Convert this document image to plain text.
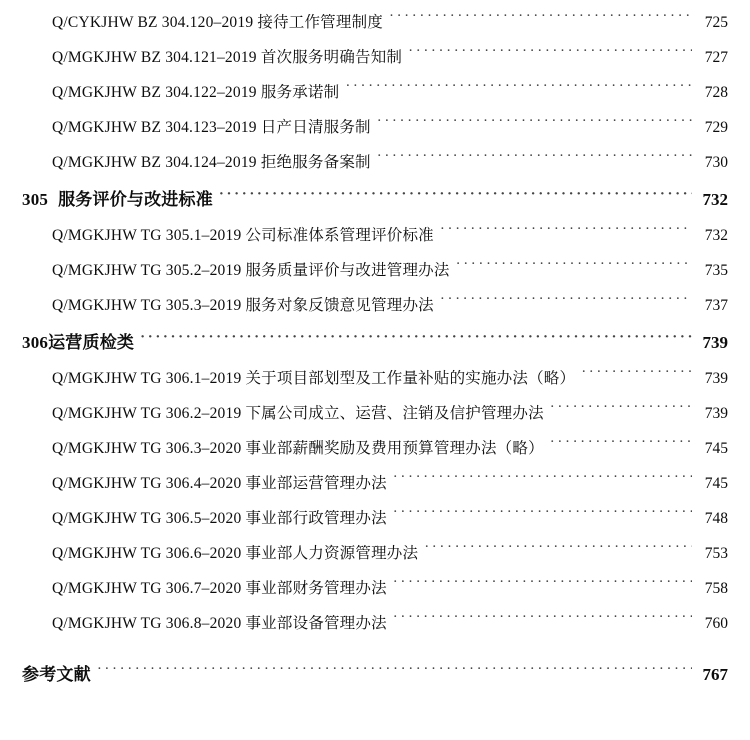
Q/CYKJHW BZ 304.120–2019 接待工作管理制度 ·····	725
Q/MGKJHW BZ 304.121–2019 首次服务明确告知制 ·····	727
Q/MGKJHW BZ 304.122–2019 服务承诺制 ·····	728
Q/MGKJHW BZ 304.123–2019 日产日清服务制 ·····	729
Q/MGKJHW BZ 304.124–2019 拒绝服务备案制 ·····	730
305 服务评价与改进标准 ·····	732
Q/MGKJHW TG 305.1–2019 公司标准体系管理评价标准 ·····	732
Q/MGKJHW TG 305.2–2019 服务质量评价与改进管理办法 ·····	735
Q/MGKJHW TG 305.3–2019 服务对象反馈意见管理办法 ·····	737
306运营质检类 ·····	739
Q/MGKJHW TG 306.1–2019 关于项目部划型及工作量补贴的实施办法（略） ·····	739
Q/MGKJHW TG 306.2–2019 下属公司成立、运营、注销及信护管理办法 ·····	739
Q/MGKJHW TG 306.3–2020 事业部薪酬奖励及费用预算管理办法（略） ·····	745
Q/MGKJHW TG 306.4–2020 事业部运营管理办法 ·····	745
Q/MGKJHW TG 306.5–2020 事业部行政管理办法 ·····	748
Q/MGKJHW TG 306.6–2020 事业部人力资源管理办法 ·····	753
Q/MGKJHW TG 306.7–2020 事业部财务管理办法 ·····	758
Q/MGKJHW TG 306.8–2020 事业部设备管理办法 ·····	760
参考文献 ·····	767
